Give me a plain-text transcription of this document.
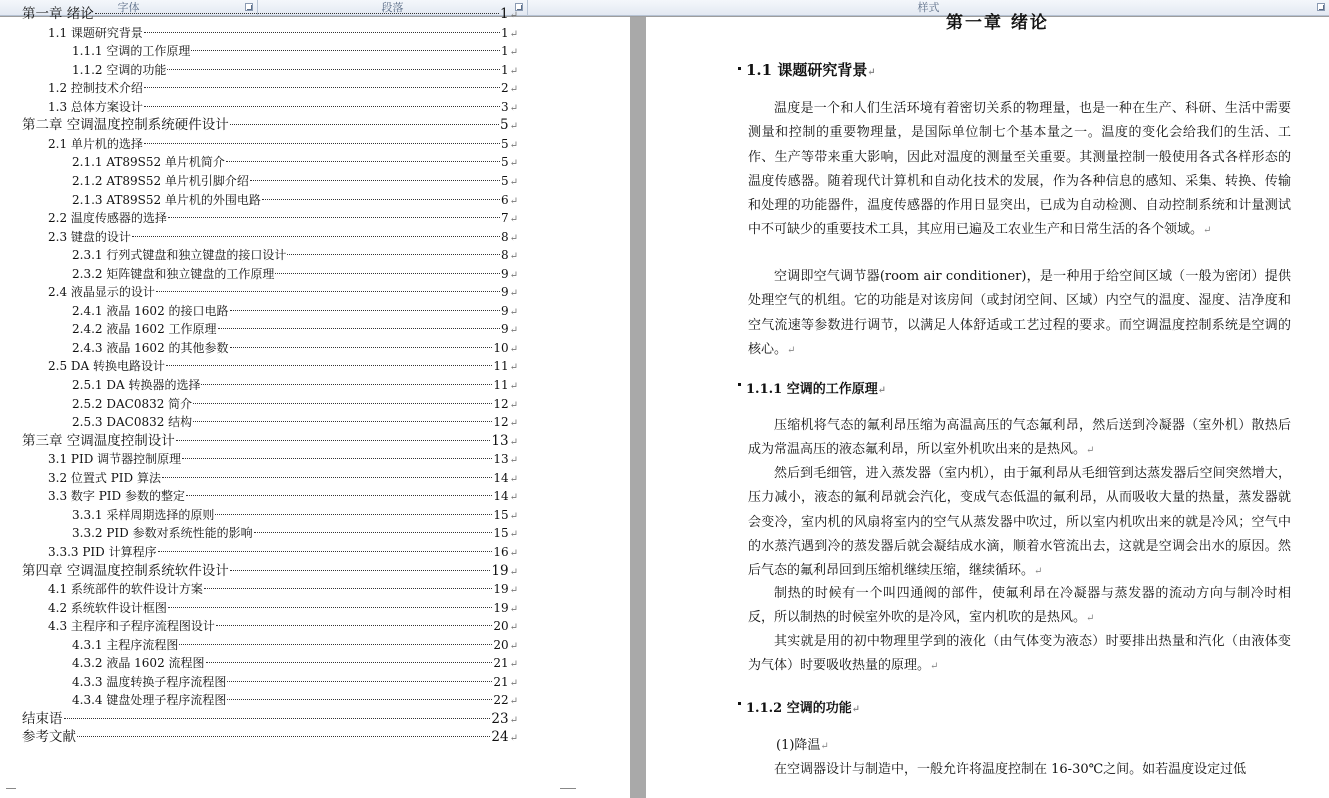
字体	段落	样式
第一章 绪论	1 ↵
1.1 课题研究背景	1 ↵
1.1.1 空调的工作原理	1 ↵
1.1.2 空调的功能	1 ↵
1.2 控制技术介绍	2 ↵
1.3 总体方案设计	3 ↵
第二章 空调温度控制系统硬件设计	5 ↵
2.1 单片机的选择	5 ↵
2.1.1 AT89S52 单片机简介	5 ↵
2.1.2 AT89S52 单片机引脚介绍	5 ↵
2.1.3 AT89S52 单片机的外围电路	6 ↵
2.2 温度传感器的选择	7 ↵
2.3 键盘的设计	8 ↵
2.3.1 行列式键盘和独立键盘的接口设计	8 ↵
2.3.2 矩阵键盘和独立键盘的工作原理	9 ↵
2.4 液晶显示的设计	9 ↵
2.4.1 液晶 1602 的接口电路	9 ↵
2.4.2 液晶 1602 工作原理	9 ↵
2.4.3 液晶 1602 的其他参数	10 ↵
2.5 DA 转换电路设计	11 ↵
2.5.1 DA 转换器的选择	11 ↵
2.5.2 DAC0832 简介	12 ↵
2.5.3 DAC0832 结构	12 ↵
第三章 空调温度控制设计	13 ↵
3.1 PID 调节器控制原理	13 ↵
3.2 位置式 PID 算法	14 ↵
3.3 数字 PID 参数的整定	14 ↵
3.3.1 采样周期选择的原则	15 ↵
3.3.2 PID 参数对系统性能的影响	15 ↵
3.3.3 PID 计算程序	16 ↵
第四章 空调温度控制系统软件设计	19 ↵
4.1 系统部件的软件设计方案	19 ↵
4.2 系统软件设计框图	19 ↵
4.3 主程序和子程序流程图设计	20 ↵
4.3.1 主程序流程图	20 ↵
4.3.2 液晶 1602 流程图	21 ↵
4.3.3 温度转换子程序流程图	21 ↵
4.3.4 键盘处理子程序流程图	22 ↵
结束语	23 ↵
参考文献	24 ↵
第一章 绪论
1.1 课题研究背景↵
温度是一个和人们生活环境有着密切关系的物理量，也是一种在生产、科研、生活中需要测量和控制的重要物理量，是国际单位制七个基本量之一。温度的变化会给我们的生活、工作、生产等带来重大影响，因此对温度的测量至关重要。其测量控制一般使用各式各样形态的温度传感器。随着现代计算机和自动化技术的发展，作为各种信息的感知、采集、转换、传输和处理的功能器件，温度传感器的作用日显突出，已成为自动检测、自动控制系统和计量测试中不可缺少的重要技术工具，其应用已遍及工农业生产和日常生活的各个领域。↵
空调即空气调节器(room air conditioner)，是一种用于给空间区域（一般为密闭）提供处理空气的机组。它的功能是对该房间（或封闭空间、区域）内空气的温度、湿度、洁净度和空气流速等参数进行调节，以满足人体舒适或工艺过程的要求。而空调温度控制系统是空调的核心。↵
1.1.1 空调的工作原理↵
压缩机将气态的氟利昂压缩为高温高压的气态氟利昂，然后送到冷凝器（室外机）散热后成为常温高压的液态氟利昂，所以室外机吹出来的是热风。↵
然后到毛细管，进入蒸发器（室内机），由于氟利昂从毛细管到达蒸发器后空间突然增大，压力减小，液态的氟利昂就会汽化，变成气态低温的氟利昂，从而吸收大量的热量，蒸发器就会变冷，室内机的风扇将室内的空气从蒸发器中吹过，所以室内机吹出来的就是冷风；空气中的水蒸汽遇到冷的蒸发器后就会凝结成水滴，顺着水管流出去，这就是空调会出水的原因。然后气态的氟利昂回到压缩机继续压缩，继续循环。↵
制热的时候有一个叫四通阀的部件，使氟利昂在冷凝器与蒸发器的流动方向与制冷时相反，所以制热的时候室外吹的是冷风，室内机吹的是热风。↵
其实就是用的初中物理里学到的液化（由气体变为液态）时要排出热量和汽化（由液体变为气体）时要吸收热量的原理。↵
1.1.2 空调的功能↵
(1)降温↵
在空调器设计与制造中，一般允许将温度控制在 16-30℃之间。如若温度设定过低
